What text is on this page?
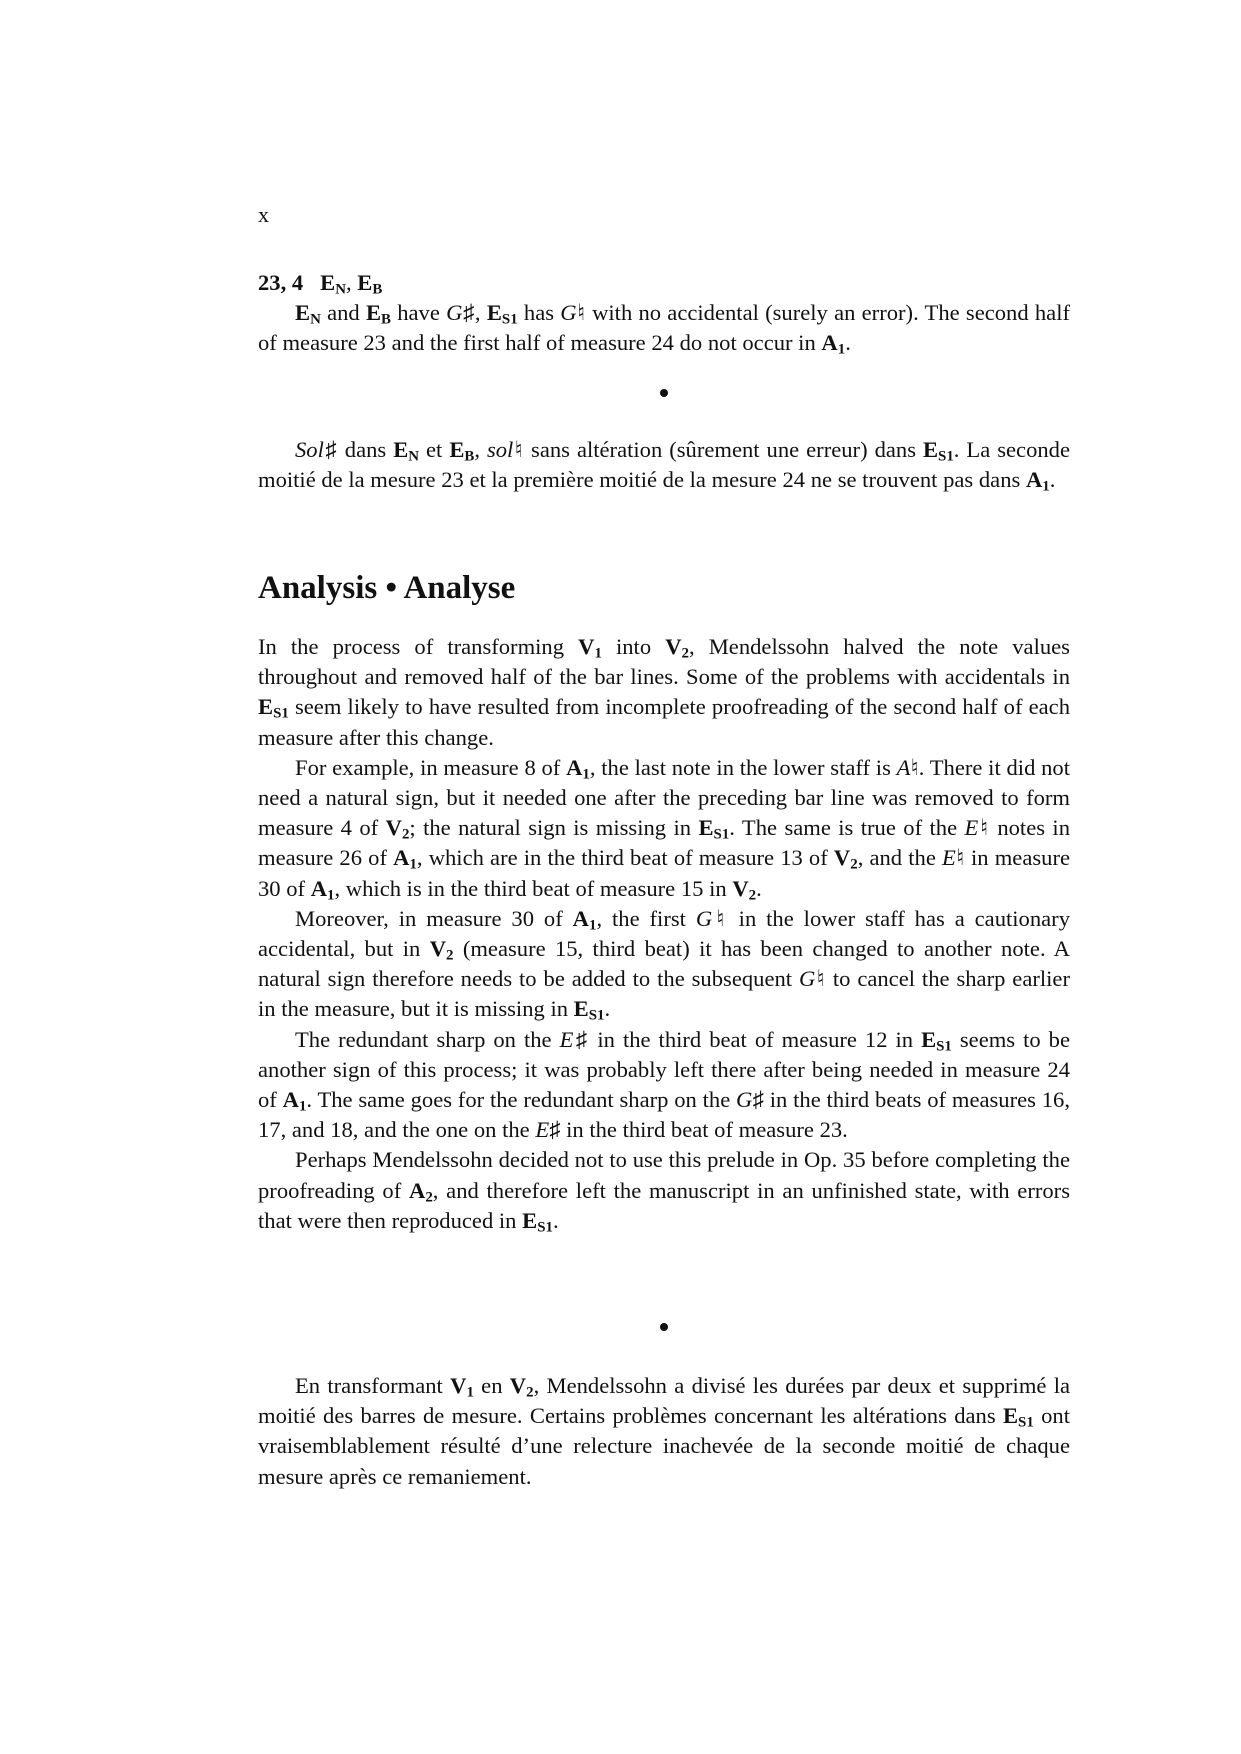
x

23, 4 $E_N$, $E_B$

$E_N$ and $E_B$ have G♯, $E_{S1}$ has G♮ with no accidental (surely an error). The second half of measure 23 and the first half of measure 24 do not occur in $A_1$.

Sol♯ dans $E_N$ et $E_B$, sol♮ sans altération (sûrement une erreur) dans $E_{S1}$. La seconde moitié de la mesure 23 et la première moitié de la mesure 24 ne se trouvent pas dans $A_1$.

Analysis • Analyse

In the process of transforming $V_1$ into $V_2$, Mendelssohn halved the note values throughout and removed half of the bar lines. Some of the problems with accidentals in $E_{S1}$ seem likely to have resulted from incomplete proofreading of the second half of each measure after this change.

For example, in measure 8 of $A_1$, the last note in the lower staff is A♮. There it did not need a natural sign, but it needed one after the preceding bar line was removed to form measure 4 of $V_2$; the natural sign is missing in $E_{S1}$. The same is true of the E♮ notes in measure 26 of $A_1$, which are in the third beat of measure 13 of $V_2$, and the E♮ in measure 30 of $A_1$, which is in the third beat of measure 15 in $V_2$.

Moreover, in measure 30 of $A_1$, the first G♮ in the lower staff has a cautionary accidental, but in $V_2$ (measure 15, third beat) it has been changed to another note. A natural sign therefore needs to be added to the subsequent G♮ to cancel the sharp earlier in the measure, but it is missing in $E_{S1}$.

The redundant sharp on the E♯ in the third beat of measure 12 in $E_{S1}$ seems to be another sign of this process; it was probably left there after being needed in measure 24 of $A_1$. The same goes for the redundant sharp on the G♯ in the third beats of measures 16, 17, and 18, and the one on the E♯ in the third beat of measure 23.

Perhaps Mendelssohn decided not to use this prelude in Op. 35 before completing the proofreading of $A_2$, and therefore left the manuscript in an unfinished state, with errors that were then reproduced in $E_{S1}$.

En transformant $V_1$ en $V_2$, Mendelssohn a divisé les durées par deux et supprimé la moitié des barres de mesure. Certains problèmes concernant les altérations dans $E_{S1}$ ont vraisemblablement résulté d’une relecture inachevée de la seconde moitié de chaque mesure après ce remaniement.
